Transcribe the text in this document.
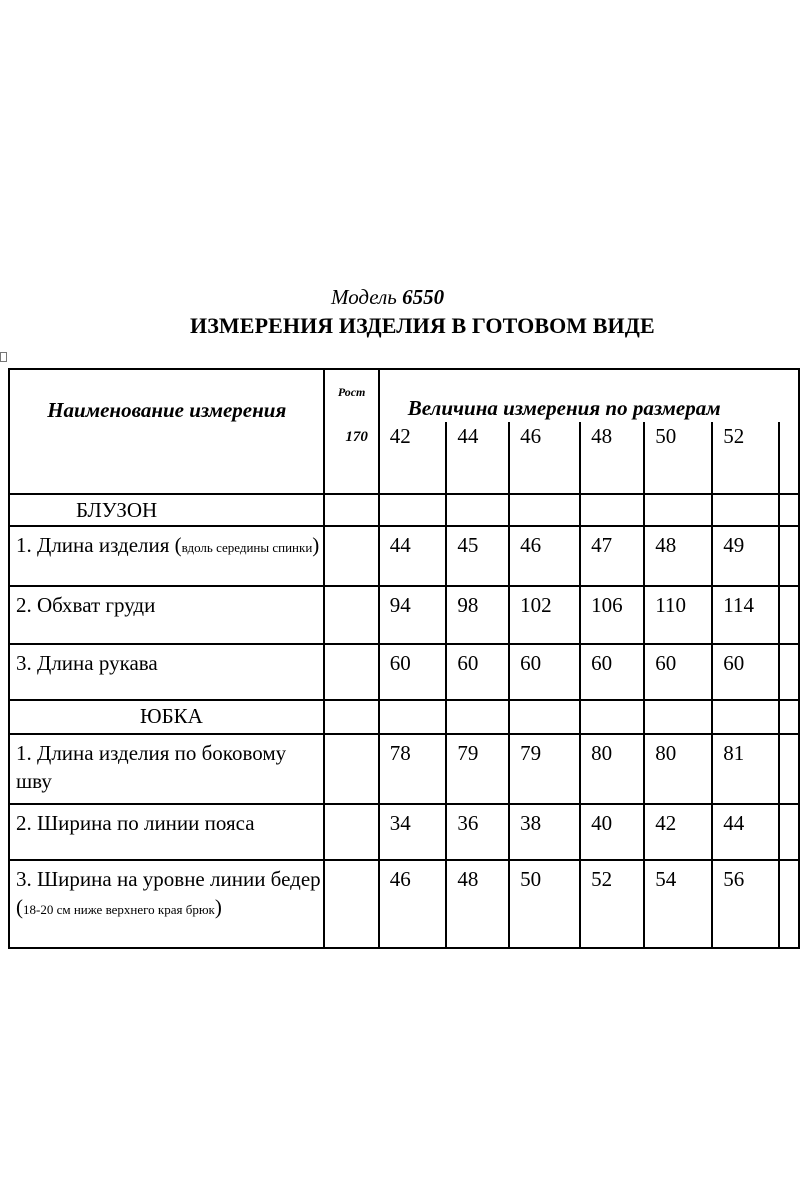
Модель 6550
ИЗМЕРЕНИЯ ИЗДЕЛИЯ В ГОТОВОМ ВИДЕ
Наименование измерения	Рост
170	Величина измерения по размерам						
		42	44	46	48	50	52	
БЛУЗОН								
1. Длина изделия (вдоль середины спинки)		44	45	46	47	48	49	
2. Обхват груди		94	98	102	106	110	114	
3. Длина рукава		60	60	60	60	60	60	
ЮБКА								
1. Длина изделия по боковому шву		78	79	79	80	80	81	
2. Ширина по линии пояса		34	36	38	40	42	44	
3. Ширина на уровне линии бедер (18-20 см ниже верхнего края брюк)		46	48	50	52	54	56	
